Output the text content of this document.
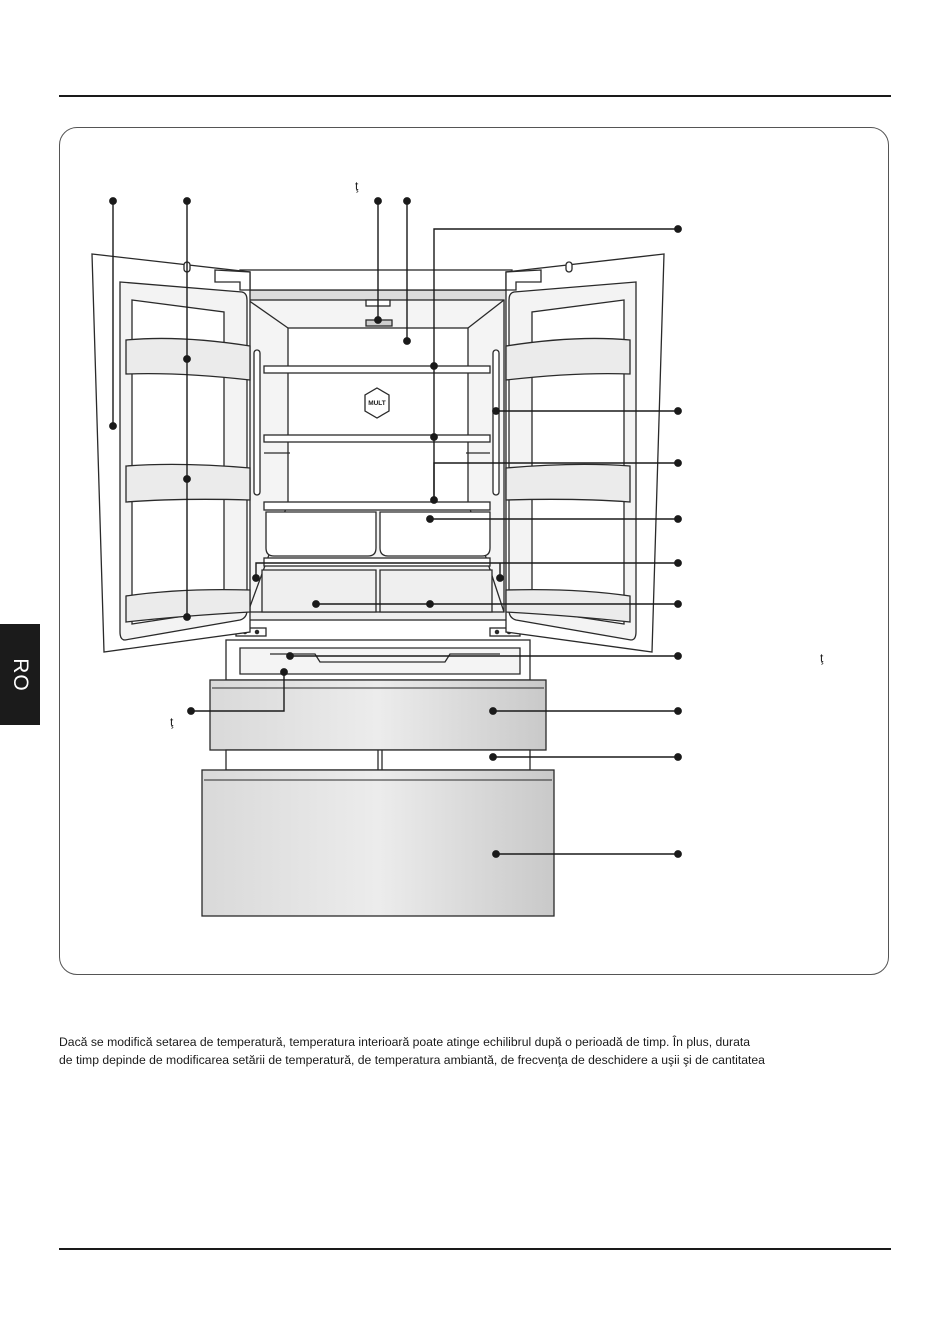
RO
MULT
ţ
ţ
ţ

Dacă se modifică setarea de temperatură, temperatura interioară poate atinge echilibrul după o perioadă de timp. În plus, durata

de timp depinde de modificarea setării de temperatură, de temperatura ambiantă, de frecvenţa de deschidere a uşii şi de cantitatea
